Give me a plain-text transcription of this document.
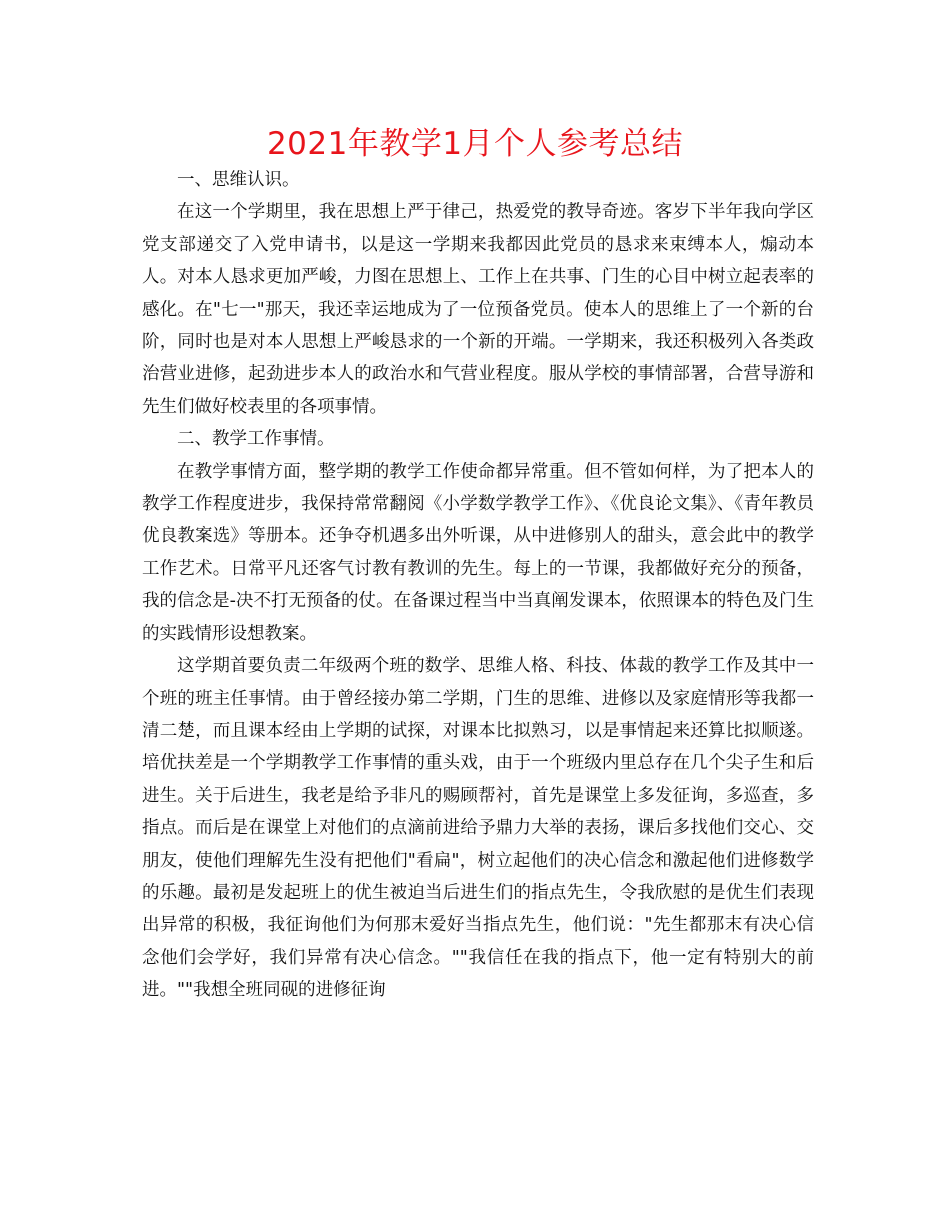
2021年教学1月个人参考总结

一、思维认识。

在这一个学期里，我在思想上严于律己，热爱党的教导奇迹。客岁下半年我向学区党支部递交了入党申请书，以是这一学期来我都因此党员的恳求来束缚本人，煽动本人。对本人恳求更加严峻，力图在思想上、工作上在共事、门生的心目中树立起表率的感化。在"七一"那天，我还幸运地成为了一位预备党员。使本人的思维上了一个新的台阶，同时也是对本人思想上严峻恳求的一个新的开端。一学期来，我还积极列入各类政治营业进修，起劲进步本人的政治水和气营业程度。服从学校的事情部署，合营导游和先生们做好校表里的各项事情。

二、教学工作事情。

在教学事情方面，整学期的教学工作使命都异常重。但不管如何样，为了把本人的教学工作程度进步，我保持常常翻阅《小学数学教学工作》、《优良论文集》、《青年教员优良教案选》等册本。还争夺机遇多出外听课，从中进修别人的甜头，意会此中的教学工作艺术。日常平凡还客气讨教有教训的先生。每上的一节课，我都做好充分的预备，我的信念是-决不打无预备的仗。在备课过程当中当真阐发课本，依照课本的特色及门生的实践情形设想教案。

这学期首要负责二年级两个班的数学、思维人格、科技、体裁的教学工作及其中一个班的班主任事情。由于曾经接办第二学期，门生的思维、进修以及家庭情形等我都一清二楚，而且课本经由上学期的试探，对课本比拟熟习，以是事情起来还算比拟顺遂。培优扶差是一个学期教学工作事情的重头戏，由于一个班级内里总存在几个尖子生和后进生。关于后进生，我老是给予非凡的赐顾帮衬，首先是课堂上多发征询，多巡查，多指点。而后是在课堂上对他们的点滴前进给予鼎力大举的表扬，课后多找他们交心、交朋友，使他们理解先生没有把他们"看扁"，树立起他们的决心信念和激起他们进修数学的乐趣。最初是发起班上的优生被迫当后进生们的指点先生，令我欣慰的是优生们表现出异常的积极，我征询他们为何那末爱好当指点先生，他们说："先生都那末有决心信念他们会学好，我们异常有决心信念。""我信任在我的指点下，他一定有特别大的前进。""我想全班同砚的进修征询
